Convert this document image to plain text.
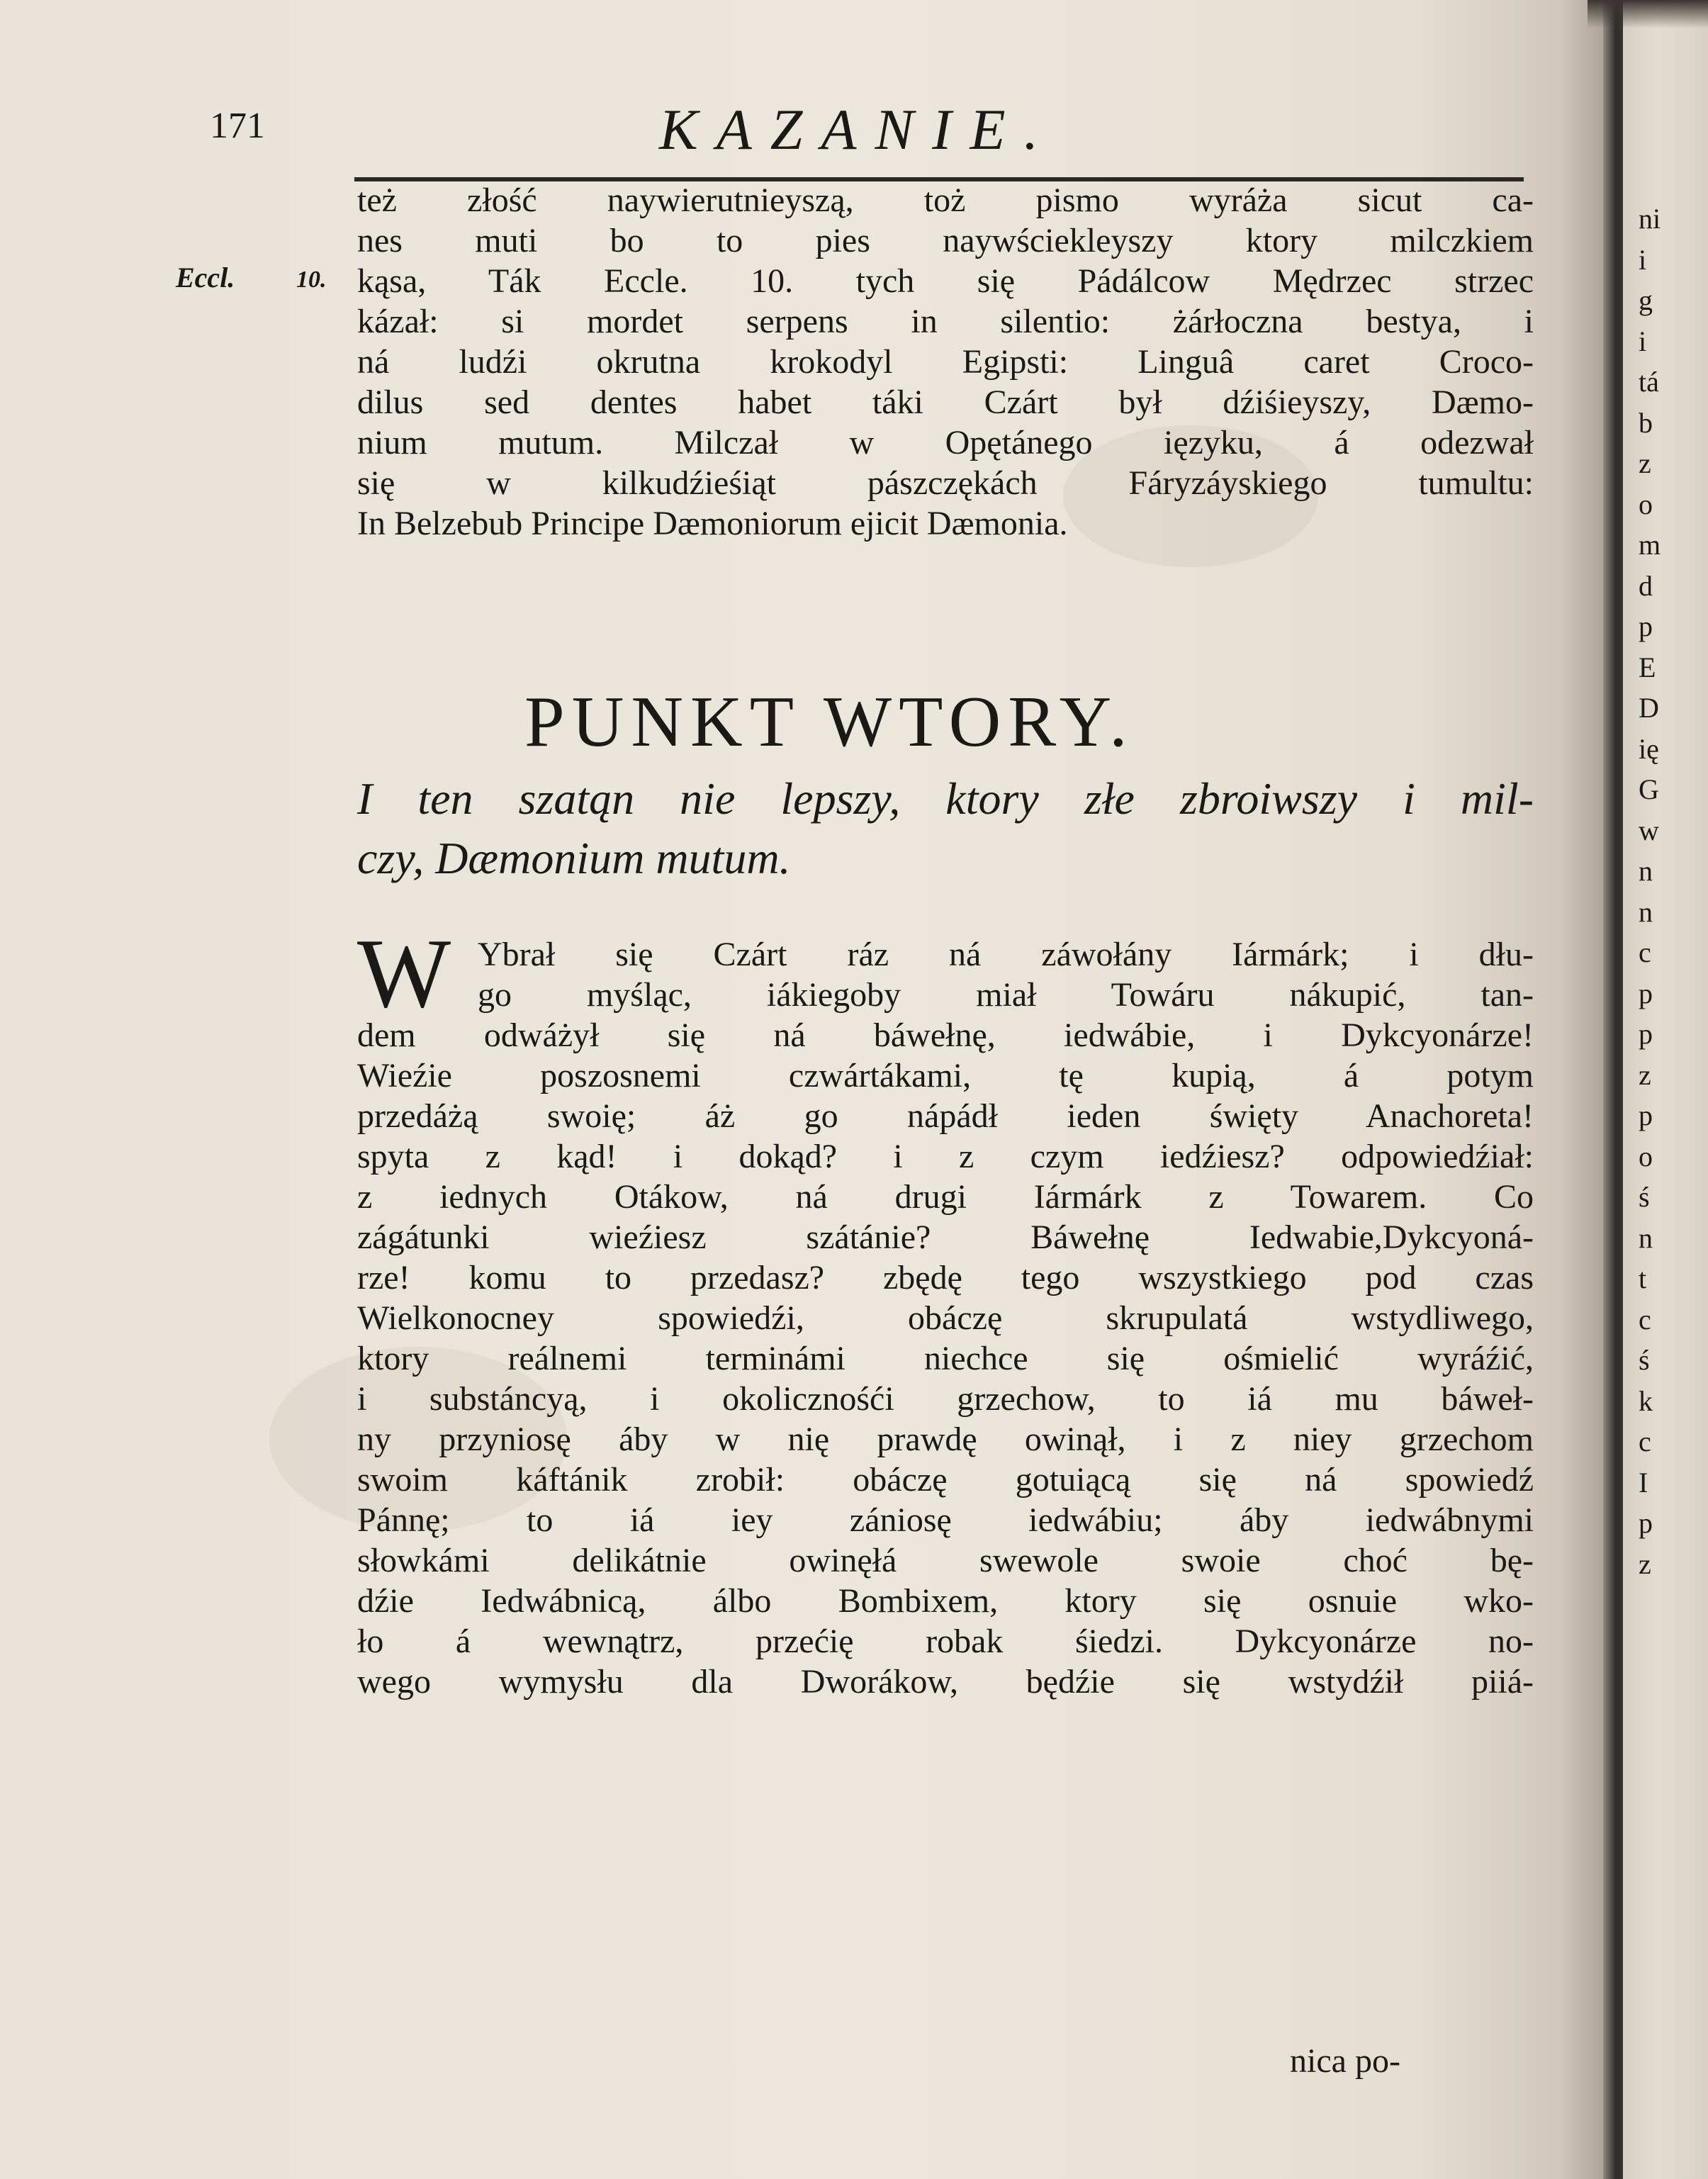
171	KAZANIE.
Eccl.	10.
też złość naywierutnieyszą, toż pismo wyráża sicut ca-
nes muti bo to pies naywściekleyszy ktory milczkiem
kąsa, Ták Eccle. 10. tych się Pádálcow Mędrzec strzec
kázał: si mordet serpens in silentio: żárłoczna bestya, i
ná ludźi okrutna krokodyl Egipsti: Linguâ caret Croco-
dilus sed dentes habet táki Czárt był dźiśieyszy, Dæmo-
nium mutum. Milczał w Opętánego ięzyku, á odezwał
się w kilkudźieśiąt pászczękách Fáryzáyskiego tumultu:
In Belzebub Principe Dæmoniorum ejicit Dæmonia.
PUNKT WTORY.
I ten szatąn nie lepszy, ktory złe zbroiwszy i mil-
czy, Dæmonium mutum.
W Ybrał się Czárt ráz ná záwołány Iármárk; i dłu-
go myśląc, iákiegoby miał Towáru nákupić, tan-
dem odwáżył się ná báwełnę, iedwábie, i Dykcyonárze!
Wieźie poszosnemi czwártákami, tę kupią, á potym
przedáżą swoię; áż go nápádł ieden święty Anachoreta!
spyta z kąd! i dokąd? i z czym iedźiesz? odpowiedźiał:
z iednych Otákow, ná drugi Iármárk z Towarem. Co
zágátunki wieźiesz szátánie? Báwełnę Iedwabie,Dykcyoná-
rze! komu to przedasz? zbędę tego wszystkiego pod czas
Wielkonocney spowiedźi, obáczę skrupulatá wstydliwego,
ktory reálnemi terminámi niechce się ośmielić wyráźić,
i substáncyą, i okolicznośći grzechow, to iá mu báweł-
ny przyniosę áby w nię prawdę owinął, i z niey grzechom
swoim káftánik zrobił: obáczę gotuiącą się ná spowiedź
Pánnę; to iá iey zániosę iedwábiu; áby iedwábnymi
słowkámi delikátnie owinęłá swewole swoie choć bę-
dźie Iedwábnicą, álbo Bombixem, ktory się osnuie wko-
ło á wewnątrz, przećię robak śiedzi. Dykcyonárze no-
wego wymysłu dla Dworákow, będźie się wstydźił piiá-
nica po-
ni
i
g
i
tá
b
z
o
m
d
p
E
D
ię
G
w
n
n
c
p
p
z
p
o
ś
n
t
c
ś
k
c
I
p
z
